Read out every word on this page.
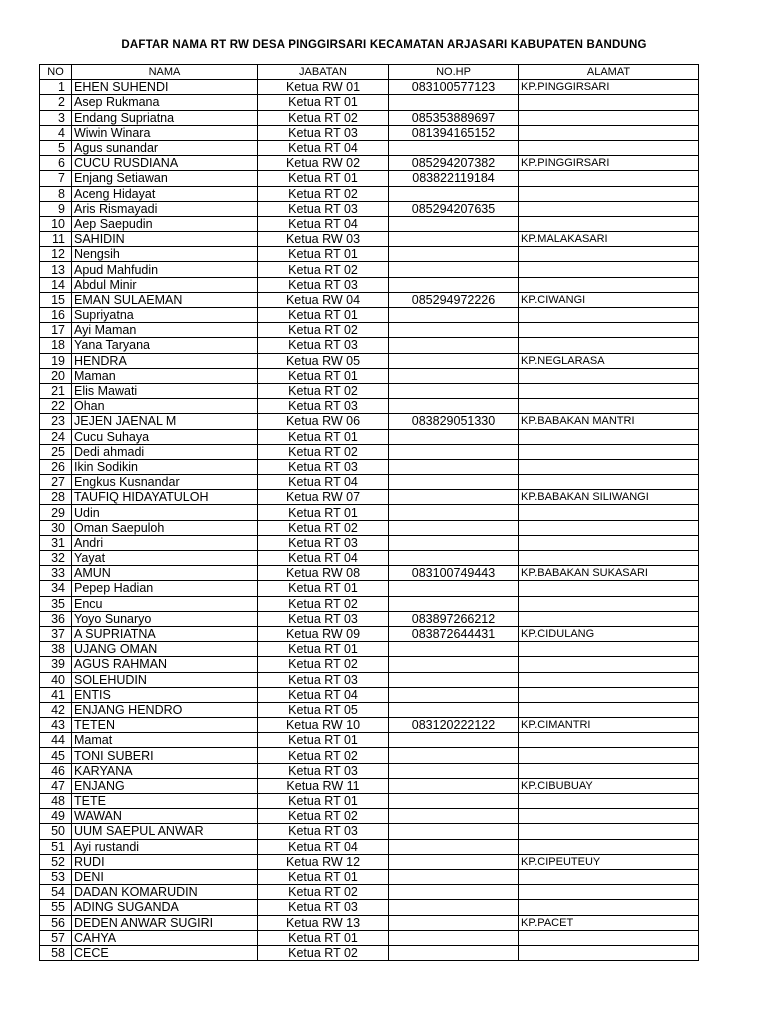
DAFTAR NAMA RT RW DESA PINGGIRSARI KECAMATAN ARJASARI KABUPATEN BANDUNG
NO	NAMA	JABATAN	NO.HP	ALAMAT
1	EHEN SUHENDI	Ketua RW 01	083100577123	KP.PINGGIRSARI
2	Asep Rukmana	Ketua RT 01		
3	Endang Supriatna	Ketua RT 02	085353889697	
4	Wiwin Winara	Ketua RT 03	081394165152	
5	Agus sunandar	Ketua RT 04		
6	CUCU RUSDIANA	Ketua RW 02	085294207382	KP.PINGGIRSARI
7	Enjang Setiawan	Ketua RT 01	083822119184	
8	Aceng Hidayat	Ketua RT 02		
9	Aris Rismayadi	Ketua RT 03	085294207635	
10	Aep Saepudin	Ketua RT 04		
11	SAHIDIN	Ketua RW 03		KP.MALAKASARI
12	Nengsih	Ketua RT 01		
13	Apud Mahfudin	Ketua RT 02		
14	Abdul Minir	Ketua RT 03		
15	EMAN SULAEMAN	Ketua RW 04	085294972226	KP.CIWANGI
16	Supriyatna	Ketua RT 01		
17	Ayi Maman	Ketua RT 02		
18	Yana Taryana	Ketua RT 03		
19	HENDRA	Ketua RW 05		KP.NEGLARASA
20	Maman	Ketua RT 01		
21	Elis Mawati	Ketua RT 02		
22	Ohan	Ketua RT 03		
23	JEJEN JAENAL M	Ketua RW 06	083829051330	KP.BABAKAN MANTRI
24	Cucu Suhaya	Ketua RT 01		
25	Dedi ahmadi	Ketua RT 02		
26	Ikin Sodikin	Ketua RT 03		
27	Engkus Kusnandar	Ketua RT 04		
28	TAUFIQ HIDAYATULOH	Ketua RW 07		KP.BABAKAN SILIWANGI
29	Udin	Ketua RT 01		
30	Oman Saepuloh	Ketua RT 02		
31	Andri	Ketua RT 03		
32	Yayat	Ketua RT 04		
33	AMUN	Ketua RW 08	083100749443	KP.BABAKAN SUKASARI
34	Pepep Hadian	Ketua RT 01		
35	Encu	Ketua RT 02		
36	Yoyo Sunaryo	Ketua RT 03	083897266212	
37	A SUPRIATNA	Ketua RW 09	083872644431	KP.CIDULANG
38	UJANG OMAN	Ketua RT 01		
39	AGUS RAHMAN	Ketua RT 02		
40	SOLEHUDIN	Ketua RT 03		
41	ENTIS	Ketua RT 04		
42	ENJANG HENDRO	Ketua RT 05		
43	TETEN	Ketua RW 10	083120222122	KP.CIMANTRI
44	Mamat	Ketua RT 01		
45	TONI SUBERI	Ketua RT 02		
46	KARYANA	Ketua RT 03		
47	ENJANG	Ketua RW 11		KP.CIBUBUAY
48	TETE	Ketua RT 01		
49	WAWAN	Ketua RT 02		
50	UUM SAEPUL ANWAR	Ketua RT 03		
51	Ayi rustandi	Ketua RT 04		
52	RUDI	Ketua RW 12		KP.CIPEUTEUY
53	DENI	Ketua RT 01		
54	DADAN KOMARUDIN	Ketua RT 02		
55	ADING SUGANDA	Ketua RT 03		
56	DEDEN ANWAR SUGIRI	Ketua RW 13		KP.PACET
57	CAHYA	Ketua RT 01		
58	CECE	Ketua RT 02		
